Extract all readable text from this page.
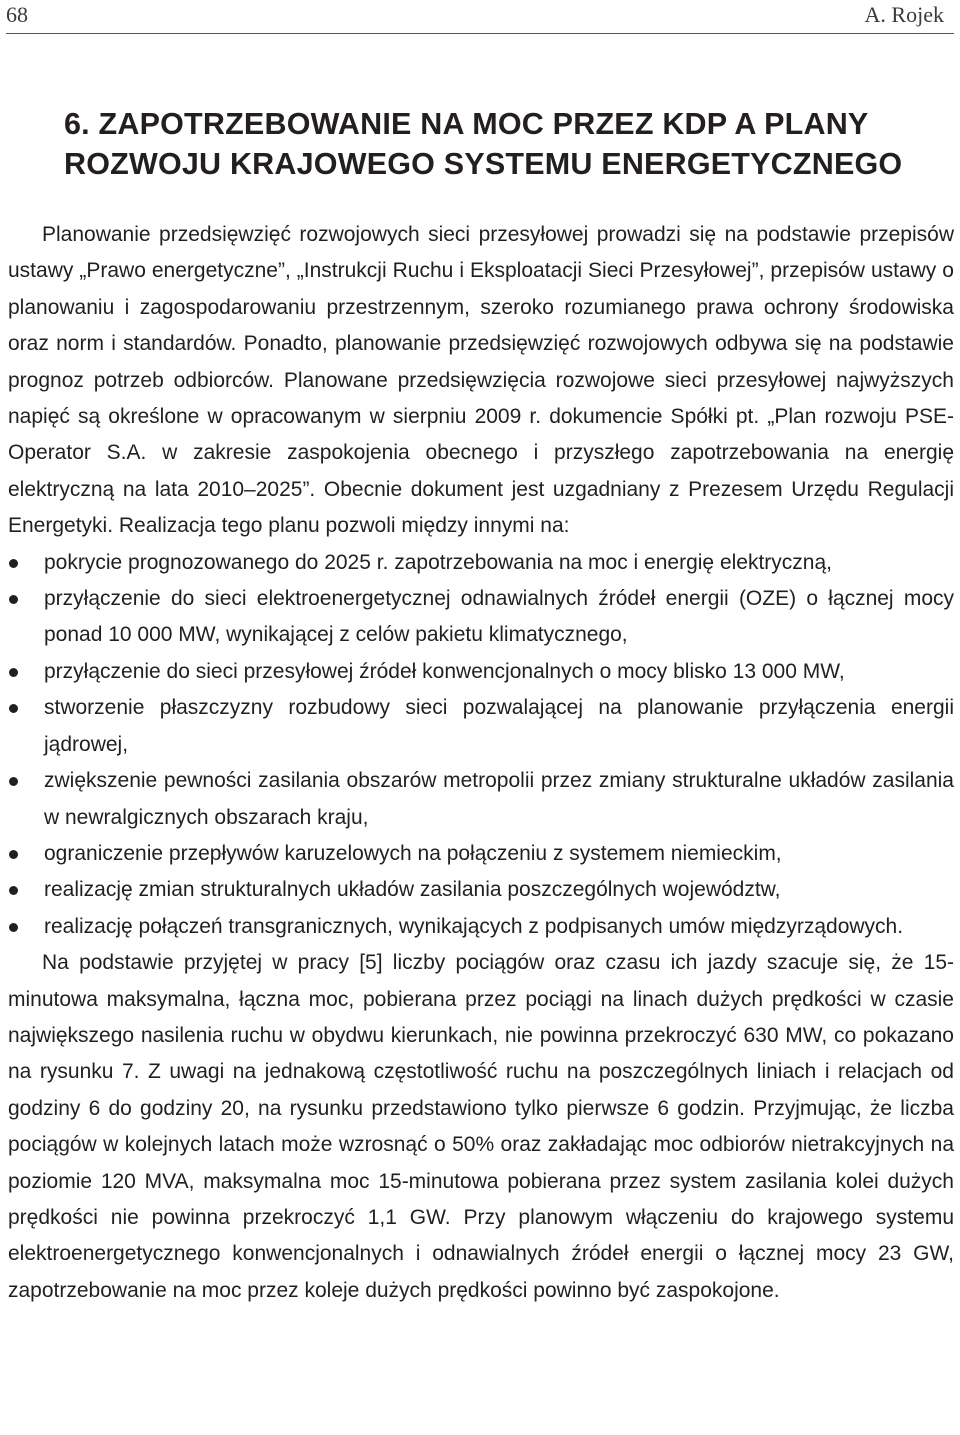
68	A. Rojek
6. ZAPOTRZEBOWANIE NA MOC PRZEZ KDP A PLANY
ROZWOJU KRAJOWEGO SYSTEMU ENERGETYCZNEGO

Planowanie przedsięwzięć rozwojowych sieci przesyłowej prowadzi się na podstawie przepisów ustawy „Prawo energetyczne”, „Instrukcji Ruchu i Eksploatacji Sieci Przesyłowej”, przepisów ustawy o planowaniu i zagospodarowaniu przestrzennym, szeroko rozumianego prawa ochrony środowiska oraz norm i standardów. Ponadto, planowanie przedsięwzięć rozwojowych odbywa się na podstawie prognoz potrzeb odbiorców. Planowane przedsięwzięcia rozwojowe sieci przesyłowej najwyższych napięć są określone w opracowanym w sierpniu 2009 r. dokumencie Spółki pt. „Plan rozwoju PSE-Operator S.A. w zakresie zaspokojenia obecnego i przyszłego zapotrzebowania na energię elektryczną na lata 2010–2025”. Obecnie dokument jest uzgadniany z Prezesem Urzędu Regulacji Energetyki. Realizacja tego planu pozwoli między innymi na:

pokrycie prognozowanego do 2025 r. zapotrzebowania na moc i energię elektryczną,
przyłączenie do sieci elektroenergetycznej odnawialnych źródeł energii (OZE) o łącznej mocy ponad 10 000 MW, wynikającej z celów pakietu klimatycznego,
przyłączenie do sieci przesyłowej źródeł konwencjonalnych o mocy blisko 13 000 MW,
stworzenie płaszczyzny rozbudowy sieci pozwalającej na planowanie przyłączenia energii jądrowej,
zwiększenie pewności zasilania obszarów metropolii przez zmiany strukturalne układów zasilania w newralgicznych obszarach kraju,
ograniczenie przepływów karuzelowych na połączeniu z systemem niemieckim,
realizację zmian strukturalnych układów zasilania poszczególnych województw,
realizację połączeń transgranicznych, wynikających z podpisanych umów międzyrządowych.

Na podstawie przyjętej w pracy [5] liczby pociągów oraz czasu ich jazdy szacuje się, że 15-minutowa maksymalna, łączna moc, pobierana przez pociągi na linach dużych prędkości w czasie największego nasilenia ruchu w obydwu kierunkach, nie powinna przekroczyć 630 MW, co pokazano na rysunku 7. Z uwagi na jednakową częstotliwość ruchu na poszczególnych liniach i relacjach od godziny 6 do godziny 20, na rysunku przedstawiono tylko pierwsze 6 godzin. Przyjmując, że liczba pociągów w kolejnych latach może wzrosnąć o 50% oraz zakładając moc odbiorów nietrakcyjnych na poziomie 120 MVA, maksymalna moc 15-minutowa pobierana przez system zasilania kolei dużych prędkości nie powinna przekroczyć 1,1 GW. Przy planowym włączeniu do krajowego systemu elektroenergetycznego konwencjonalnych i odnawialnych źródeł energii o łącznej mocy 23 GW, zapotrzebowanie na moc przez koleje dużych prędkości powinno być zaspokojone.
